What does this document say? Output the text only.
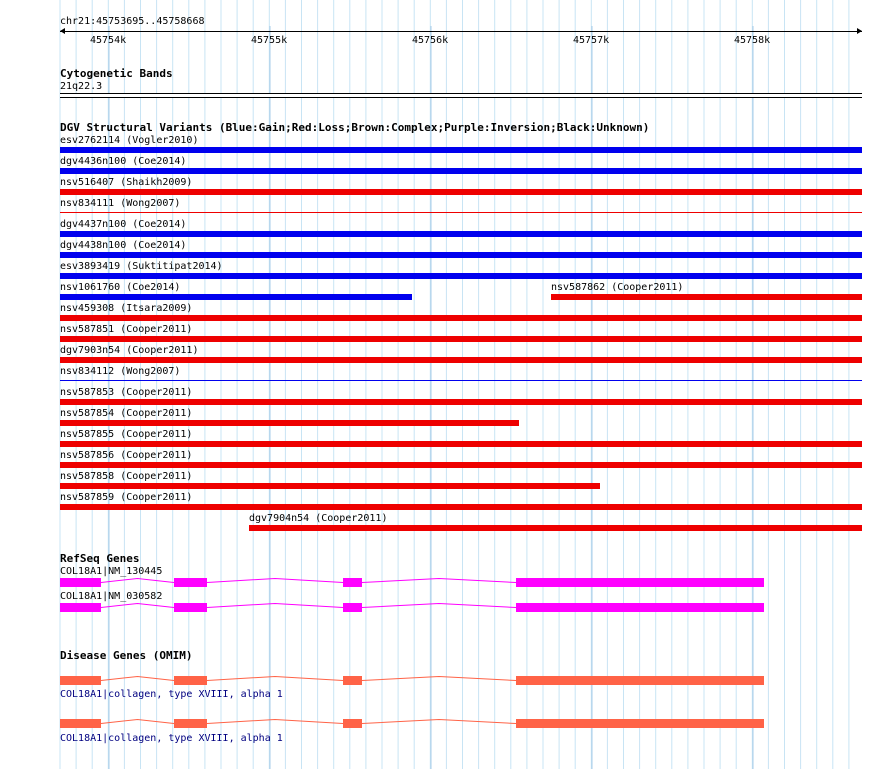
chr21:45753695..45758668
45754k	45755k	45756k	45757k	45758k
Cytogenetic Bands
21q22.3
DGV Structural Variants (Blue:Gain;Red:Loss;Brown:Complex;Purple:Inversion;Black:Unknown)
esv2762114 (Vogler2010)
dgv4436n100 (Coe2014)
nsv516407 (Shaikh2009)
nsv834111 (Wong2007)
dgv4437n100 (Coe2014)
dgv4438n100 (Coe2014)
esv3893419 (Suktitipat2014)
nsv1061760 (Coe2014)	nsv587862 (Cooper2011)
nsv459308 (Itsara2009)
nsv587851 (Cooper2011)
dgv7903n54 (Cooper2011)
nsv834112 (Wong2007)
nsv587853 (Cooper2011)
nsv587854 (Cooper2011)
nsv587855 (Cooper2011)
nsv587856 (Cooper2011)
nsv587858 (Cooper2011)
nsv587859 (Cooper2011)
dgv7904n54 (Cooper2011)
RefSeq Genes
COL18A1|NM_130445
COL18A1|NM_030582
Disease Genes (OMIM)
COL18A1|collagen, type XVIII, alpha 1
COL18A1|collagen, type XVIII, alpha 1
